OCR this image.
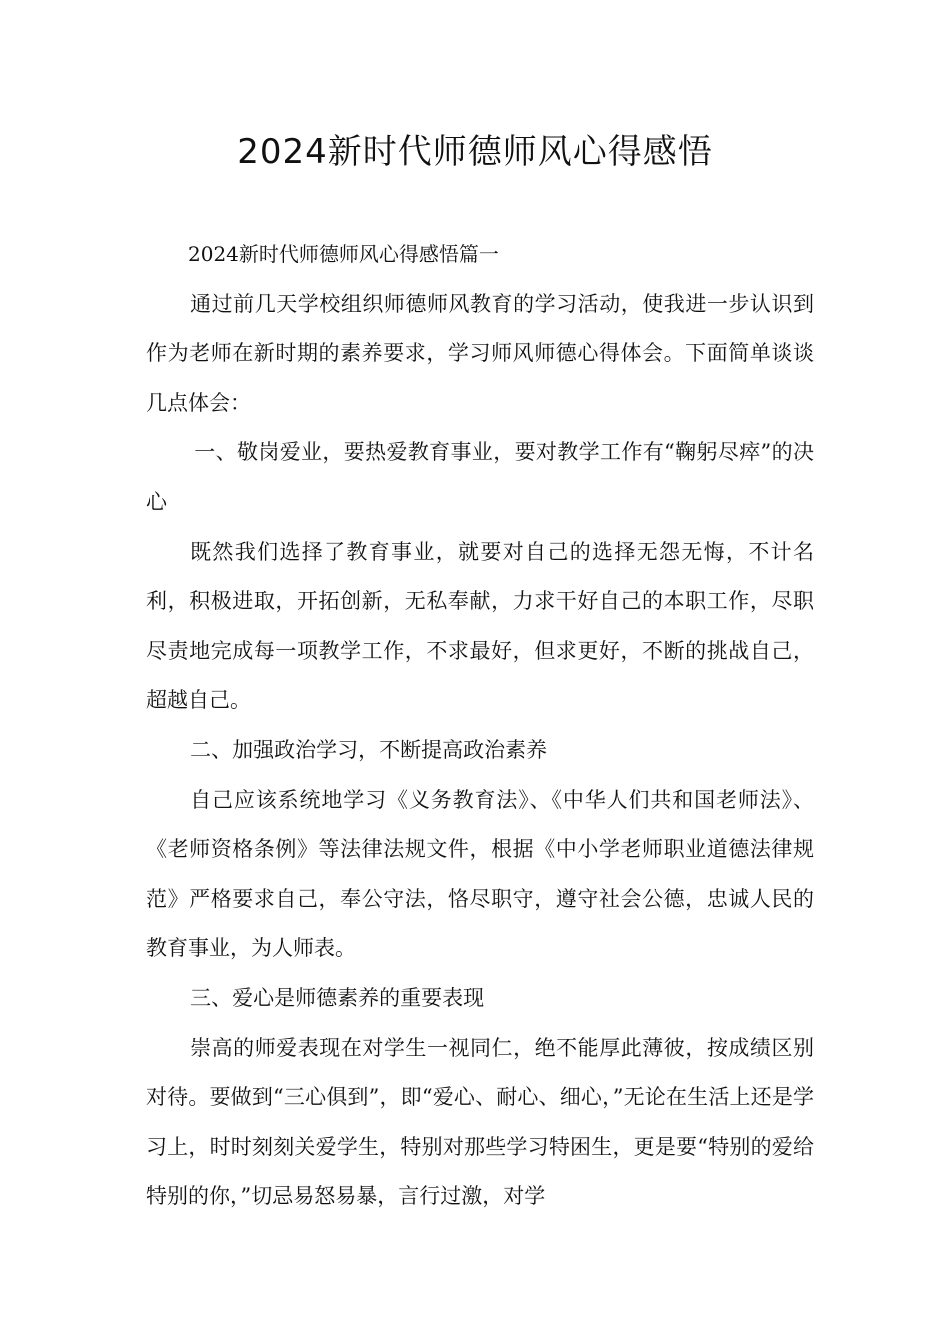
2024新时代师德师风心得感悟

2024新时代师德师风心得感悟篇一

通过前几天学校组织师德师风教育的学习活动，使我进一步认识到作为老师在新时期的素养要求，学习师风师德心得体会。下面简单谈谈几点体会：

一、敬岗爱业，要热爱教育事业，要对教学工作有“鞠躬尽瘁”的决心

既然我们选择了教育事业，就要对自己的选择无怨无悔，不计名利，积极进取，开拓创新，无私奉献，力求干好自己的本职工作，尽职尽责地完成每一项教学工作，不求最好，但求更好，不断的挑战自己，超越自己。

二、加强政治学习，不断提高政治素养

自己应该系统地学习《义务教育法》、《中华人们共和国老师法》、《老师资格条例》等法律法规文件，根据《中小学老师职业道德法律规范》严格要求自己，奉公守法，恪尽职守，遵守社会公德，忠诚人民的教育事业，为人师表。

三、爱心是师德素养的重要表现

崇高的师爱表现在对学生一视同仁，绝不能厚此薄彼，按成绩区别对待。要做到“三心俱到”，即“爱心、耐心、细心，”无论在生活上还是学习上，时时刻刻关爱学生，特别对那些学习特困生，更是要“特别的爱给特别的你，”切忌易怒易暴，言行过激，对学
